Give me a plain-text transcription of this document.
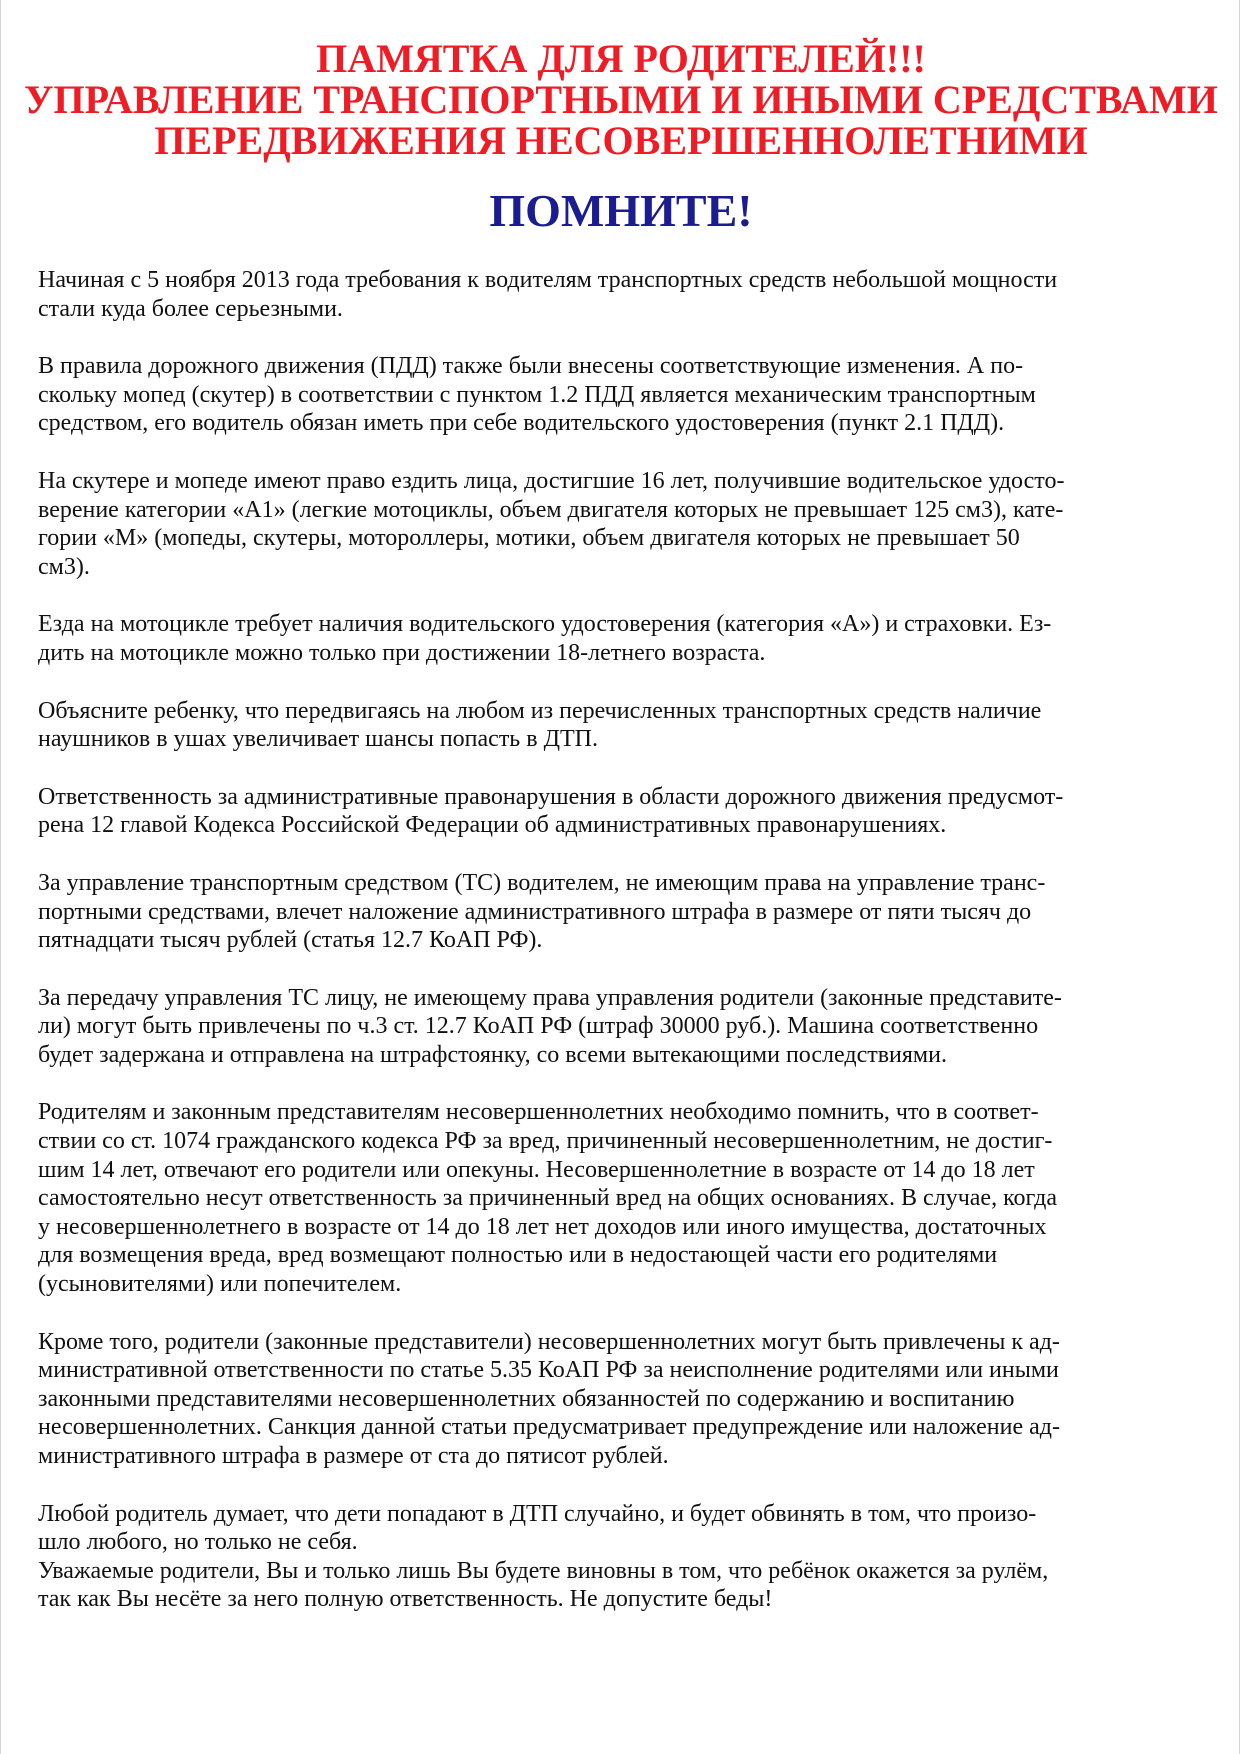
ПАМЯТКА ДЛЯ РОДИТЕЛЕЙ!!!
УПРАВЛЕНИЕ ТРАНСПОРТНЫМИ И ИНЫМИ СРЕДСТВАМИ
ПЕРЕДВИЖЕНИЯ НЕСОВЕРШЕННОЛЕТНИМИ
ПОМНИТЕ!

Начиная с 5 ноября 2013 года требования к водителям транспортных средств небольшой мощности
стали куда более серьезными.

В правила дорожного движения (ПДД) также были внесены соответствующие изменения. А по-
скольку мопед (скутер) в соответствии с пунктом 1.2 ПДД является механическим транспортным
средством, его водитель обязан иметь при себе водительского удостоверения (пункт 2.1 ПДД).

На скутере и мопеде имеют право ездить лица, достигшие 16 лет, получившие водительское удосто-
верение категории «А1» (легкие мотоциклы, объем двигателя которых не превышает 125 см3), кате-
гории «М» (мопеды, скутеры, мотороллеры, мотики, объем двигателя которых не превышает 50
см3).

Езда на мотоцикле требует наличия водительского удостоверения (категория «А») и страховки. Ез-
дить на мотоцикле можно только при достижении 18-летнего возраста.

Объясните ребенку, что передвигаясь на любом из перечисленных транспортных средств наличие
наушников в ушах увеличивает шансы попасть в ДТП.

Ответственность за административные правонарушения в области дорожного движения предусмот-
рена 12 главой Кодекса Российской Федерации об административных правонарушениях.

За управление транспортным средством (ТС) водителем, не имеющим права на управление транс-
портными средствами, влечет наложение административного штрафа в размере от пяти тысяч до
пятнадцати тысяч рублей (статья 12.7 КоАП РФ).

За передачу управления ТС лицу, не имеющему права управления родители (законные представите-
ли) могут быть привлечены по ч.3 ст. 12.7 КоАП РФ (штраф 30000 руб.). Машина соответственно
будет задержана и отправлена на штрафстоянку, со всеми вытекающими последствиями.

Родителям и законным представителям несовершеннолетних необходимо помнить, что в соответ-
ствии со ст. 1074 гражданского кодекса РФ за вред, причиненный несовершеннолетним, не достиг-
шим 14 лет, отвечают его родители или опекуны. Несовершеннолетние в возрасте от 14 до 18 лет
самостоятельно несут ответственность за причиненный вред на общих основаниях. В случае, когда
у несовершеннолетнего в возрасте от 14 до 18 лет нет доходов или иного имущества, достаточных
для возмещения вреда, вред возмещают полностью или в недостающей части его родителями
(усыновителями) или попечителем.

Кроме того, родители (законные представители) несовершеннолетних могут быть привлечены к ад-
министративной ответственности по статье 5.35 КоАП РФ за неисполнение родителями или иными
законными представителями несовершеннолетних обязанностей по содержанию и воспитанию
несовершеннолетних. Санкция данной статьи предусматривает предупреждение или наложение ад-
министративного штрафа в размере от ста до пятисот рублей.

Любой родитель думает, что дети попадают в ДТП случайно, и будет обвинять в том, что произо-
шло любого, но только не себя.

Уважаемые родители, Вы и только лишь Вы будете виновны в том, что ребёнок окажется за рулём,
так как Вы несёте за него полную ответственность. Не допустите беды!
